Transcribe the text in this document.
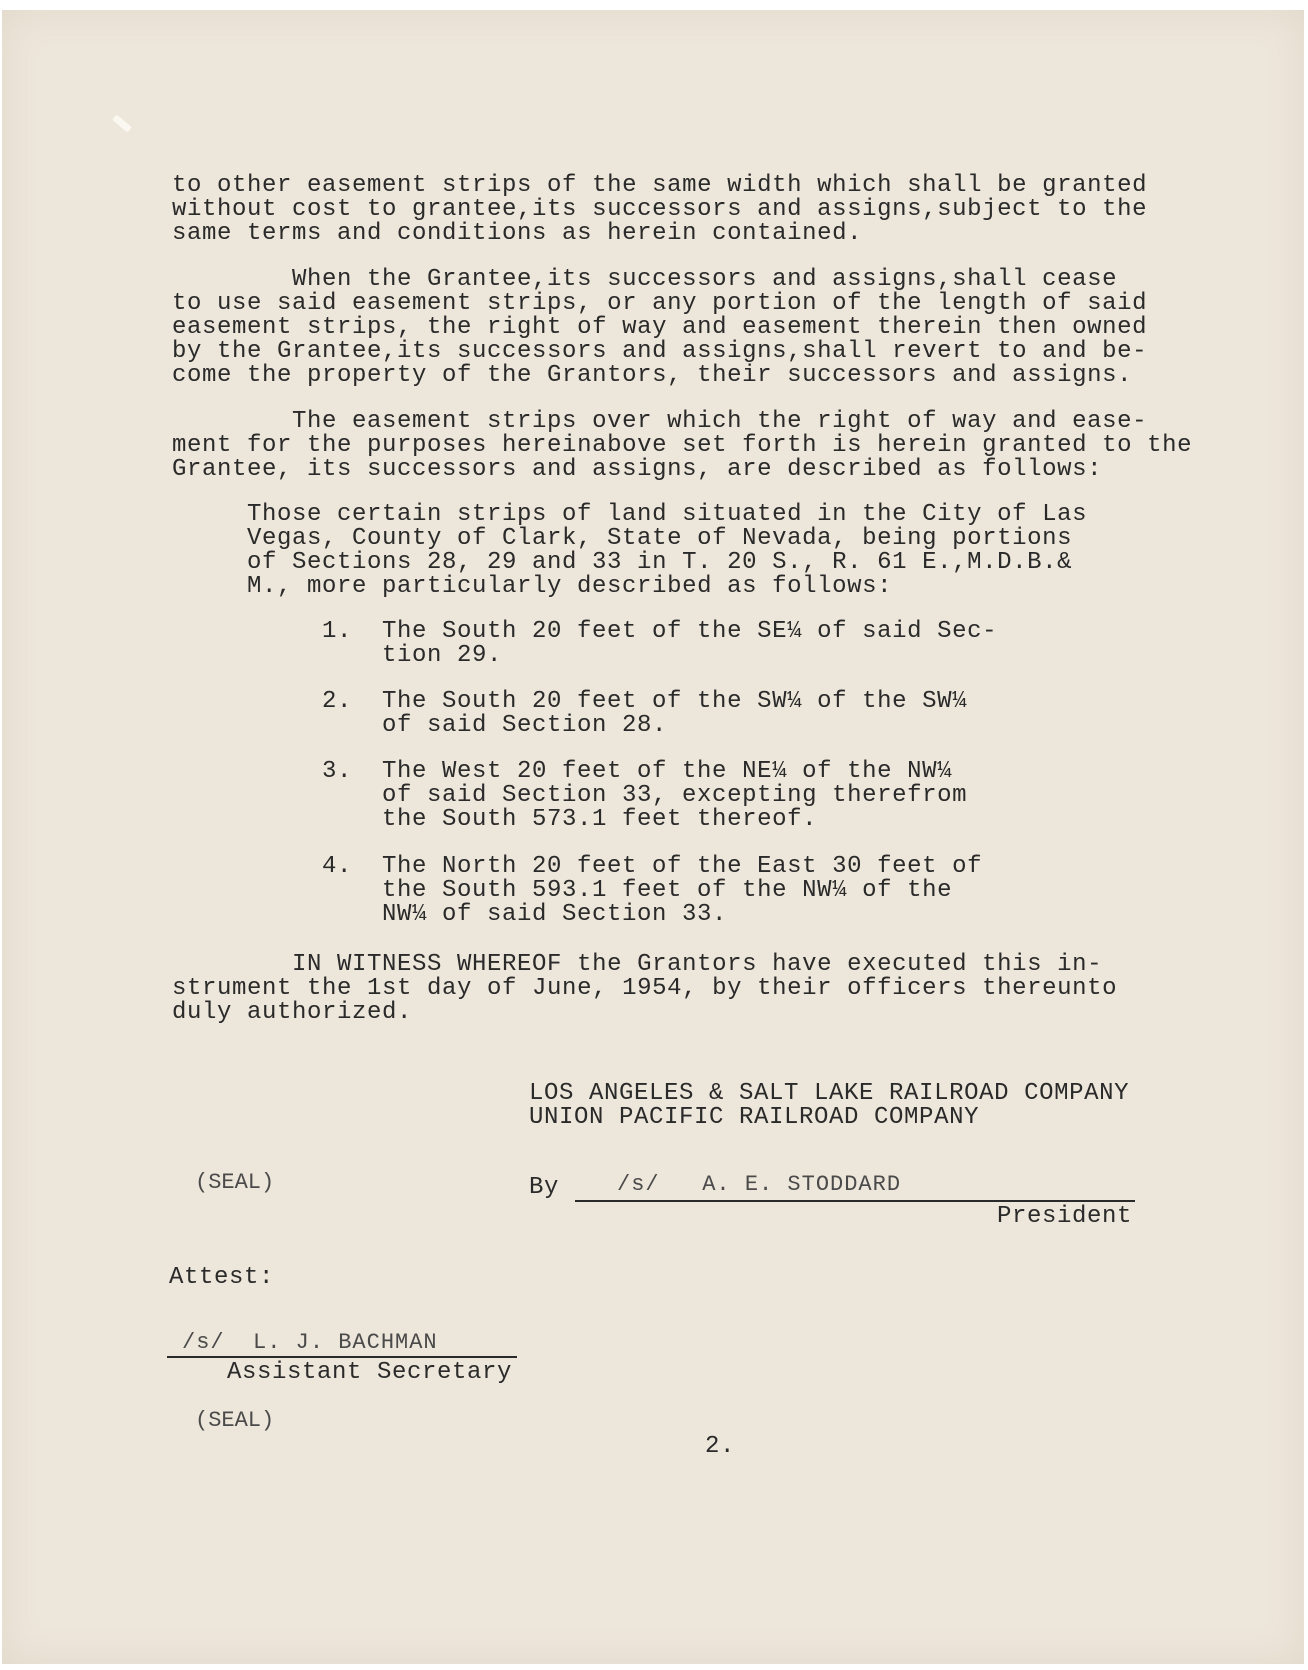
to other easement strips of the same width which shall be granted
without cost to grantee,its successors and assigns,subject to the
same terms and conditions as herein contained.
When the Grantee,its successors and assigns,shall cease
to use said easement strips, or any portion of the length of said
easement strips, the right of way and easement therein then owned
by the Grantee,its successors and assigns,shall revert to and be-
come the property of the Grantors, their successors and assigns.
The easement strips over which the right of way and ease-
ment for the purposes hereinabove set forth is herein granted to the
Grantee, its successors and assigns, are described as follows:
Those certain strips of land situated in the City of Las
Vegas, County of Clark, State of Nevada, being portions
of Sections 28, 29 and 33 in T. 20 S., R. 61 E.,M.D.B.&
M., more particularly described as follows:
1.  The South 20 feet of the SE¼ of said Sec-
tion 29.
2.  The South 20 feet of the SW¼ of the SW¼
of said Section 28.
3.  The West 20 feet of the NE¼ of the NW¼
of said Section 33, excepting therefrom
the South 573.1 feet thereof.
4.  The North 20 feet of the East 30 feet of
the South 593.1 feet of the NW¼ of the
NW¼ of said Section 33.
IN WITNESS WHEREOF the Grantors have executed this in-
strument the 1st day of June, 1954, by their officers thereunto
duly authorized.
LOS ANGELES & SALT LAKE RAILROAD COMPANY
UNION PACIFIC RAILROAD COMPANY

(SEAL)	By	/s/   A. E. STODDARD

President

Attest:

/s/  L. J. BACHMAN

Assistant Secretary

(SEAL)

2.
